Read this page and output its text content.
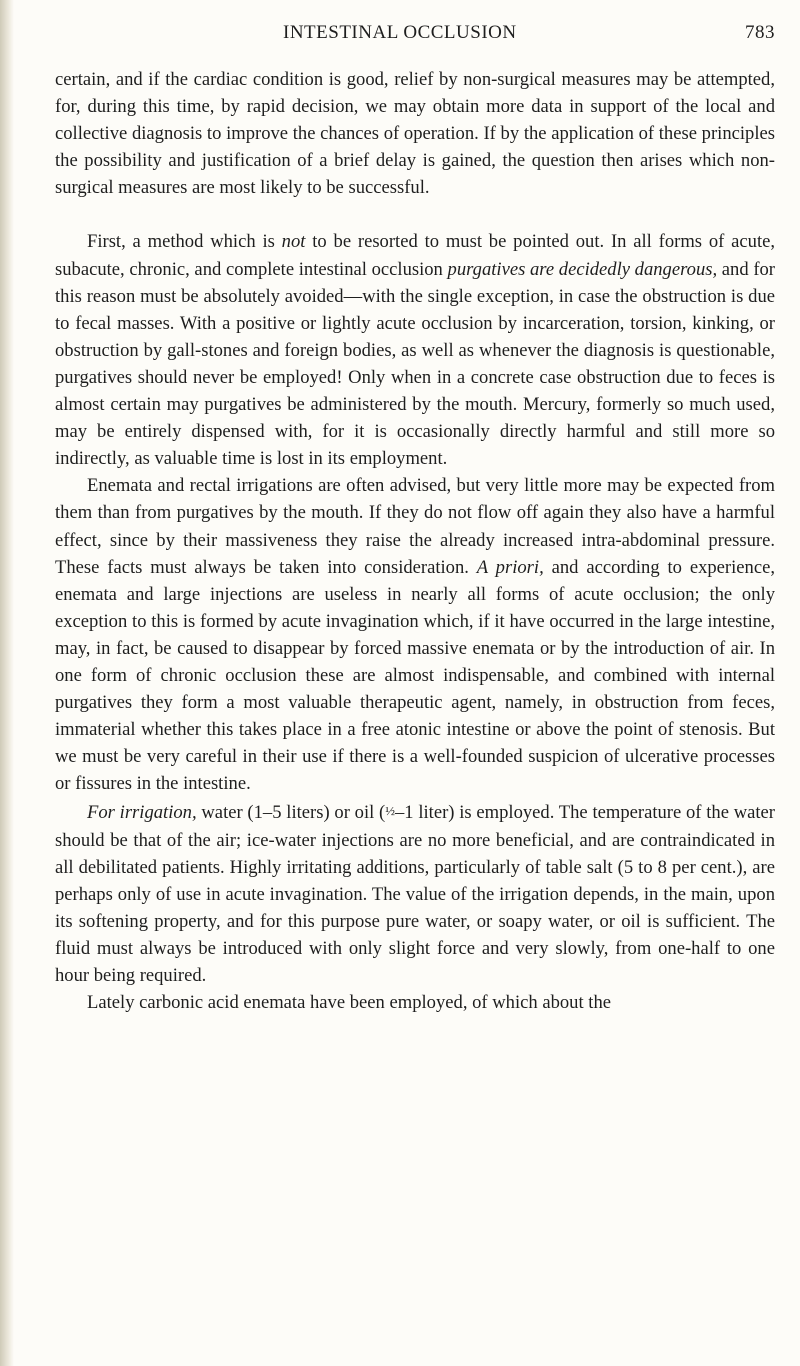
INTESTINAL OCCLUSION	783

certain, and if the cardiac condition is good, relief by non-surgical measures may be attempted, for, during this time, by rapid decision, we may obtain more data in support of the local and collective diagnosis to improve the chances of operation. If by the application of these principles the possibility and justification of a brief delay is gained, the question then arises which non-surgical measures are most likely to be successful.

First, a method which is not to be resorted to must be pointed out. In all forms of acute, subacute, chronic, and complete intestinal occlusion purgatives are decidedly dangerous, and for this reason must be absolutely avoided—with the single exception, in case the obstruction is due to fecal masses. With a positive or lightly acute occlusion by incarceration, torsion, kinking, or obstruction by gall-stones and foreign bodies, as well as whenever the diagnosis is questionable, purgatives should never be employed! Only when in a concrete case obstruction due to feces is almost certain may purgatives be administered by the mouth. Mercury, formerly so much used, may be entirely dispensed with, for it is occasionally directly harmful and still more so indirectly, as valuable time is lost in its employment.

Enemata and rectal irrigations are often advised, but very little more may be expected from them than from purgatives by the mouth. If they do not flow off again they also have a harmful effect, since by their massiveness they raise the already increased intra-abdominal pressure. These facts must always be taken into consideration. A priori, and according to experience, enemata and large injections are useless in nearly all forms of acute occlusion; the only exception to this is formed by acute invagination which, if it have occurred in the large intestine, may, in fact, be caused to disappear by forced massive enemata or by the introduction of air. In one form of chronic occlusion these are almost indispensable, and combined with internal purgatives they form a most valuable therapeutic agent, namely, in obstruction from feces, immaterial whether this takes place in a free atonic intestine or above the point of stenosis. But we must be very careful in their use if there is a well-founded suspicion of ulcerative processes or fissures in the intestine.

For irrigation, water (1–5 liters) or oil (½–1 liter) is employed. The temperature of the water should be that of the air; ice-water injections are no more beneficial, and are contraindicated in all debilitated patients. Highly irritating additions, particularly of table salt (5 to 8 per cent.), are perhaps only of use in acute invagination. The value of the irrigation depends, in the main, upon its softening property, and for this purpose pure water, or soapy water, or oil is sufficient. The fluid must always be introduced with only slight force and very slowly, from one-half to one hour being required.

Lately carbonic acid enemata have been employed, of which about the
